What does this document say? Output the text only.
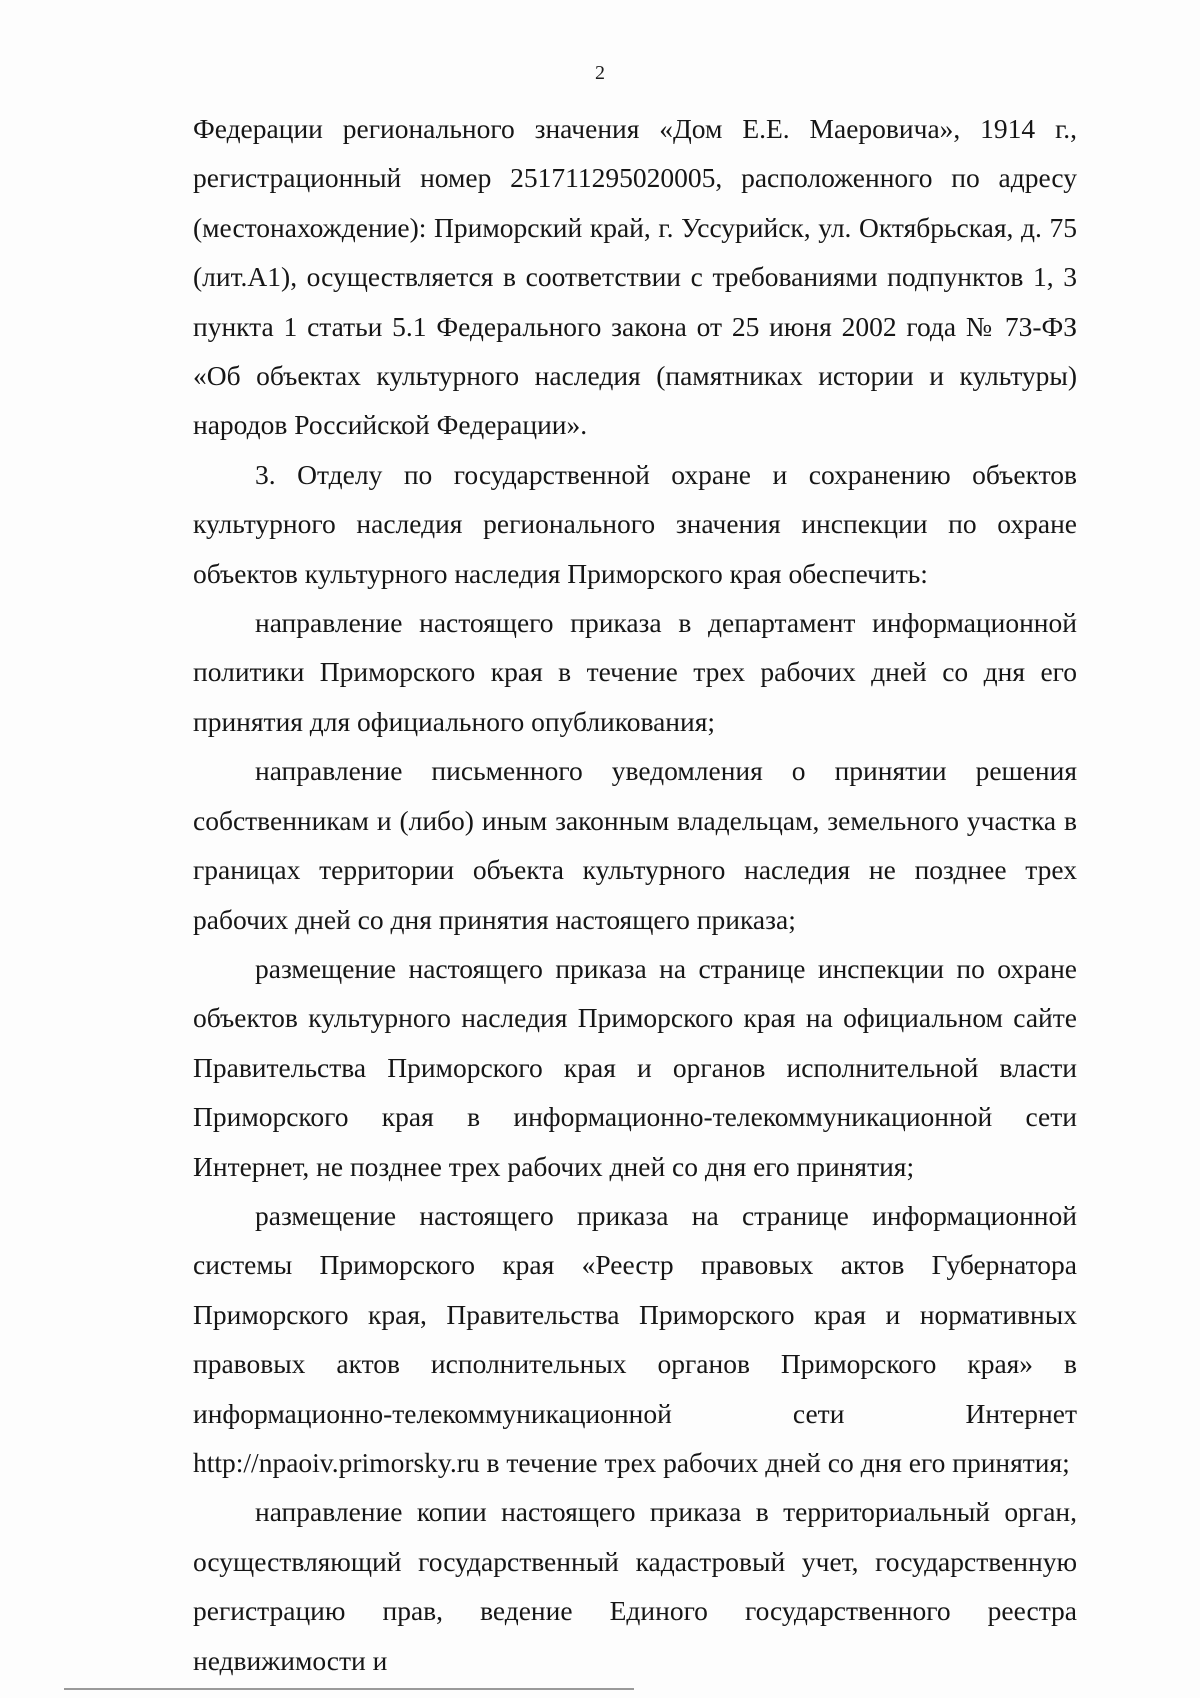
2

Федерации регионального значения «Дом Е.Е. Маеровича», 1914 г., регистрационный номер 251711295020005, расположенного по адресу (местонахождение): Приморский край, г. Уссурийск, ул. Октябрьская, д. 75 (лит.А1), осуществляется в соответствии с требованиями подпунктов 1, 3 пункта 1 статьи 5.1 Федерального закона от 25 июня 2002 года № 73-ФЗ «Об объектах культурного наследия (памятниках истории и культуры) народов Российской Федерации».

3. Отделу по государственной охране и сохранению объектов культурного наследия регионального значения инспекции по охране объектов культурного наследия Приморского края обеспечить:

направление настоящего приказа в департамент информационной политики Приморского края в течение трех рабочих дней со дня его принятия для официального опубликования;

направление письменного уведомления о принятии решения собственникам и (либо) иным законным владельцам, земельного участка в границах территории объекта культурного наследия не позднее трех рабочих дней со дня принятия настоящего приказа;

размещение настоящего приказа на странице инспекции по охране объектов культурного наследия Приморского края на официальном сайте Правительства Приморского края и органов исполнительной власти Приморского края в информационно-телекоммуникационной сети Интернет, не позднее трех рабочих дней со дня его принятия;

размещение настоящего приказа на странице информационной системы Приморского края «Реестр правовых актов Губернатора Приморского края, Правительства Приморского края и нормативных правовых актов исполнительных органов Приморского края» в информационно-телекоммуникационной сети Интернет http://npaoiv.primorsky.ru в течение трех рабочих дней со дня его принятия;

направление копии настоящего приказа в территориальный орган, осуществляющий государственный кадастровый учет, государственную регистрацию прав, ведение Единого государственного реестра недвижимости и
